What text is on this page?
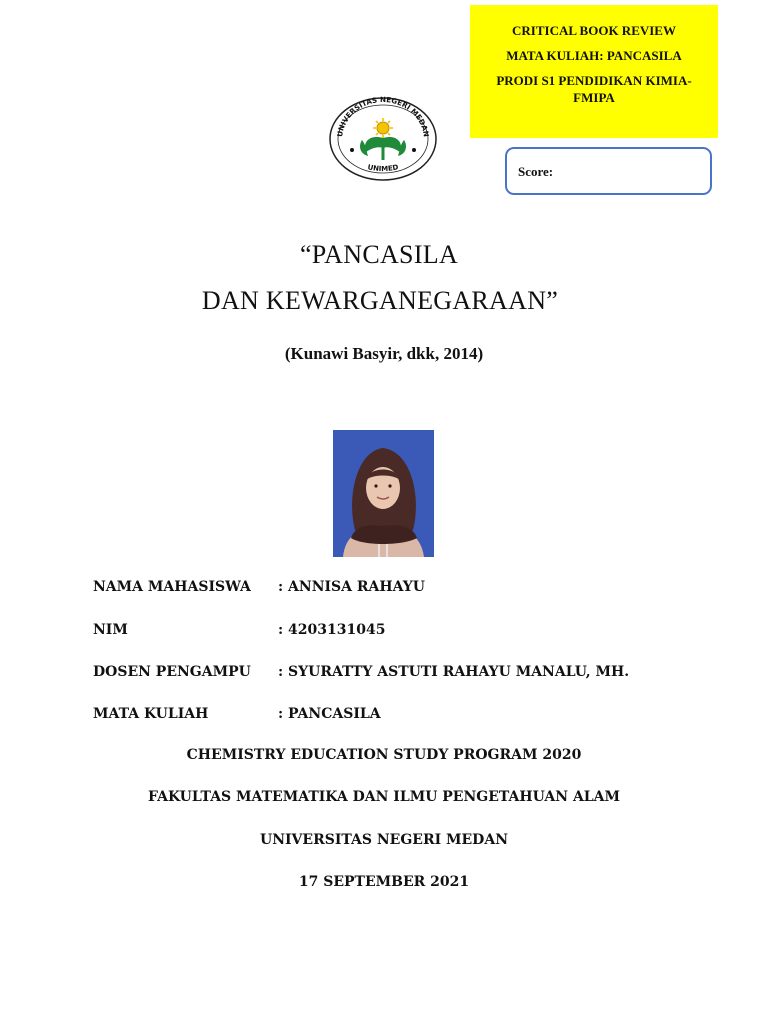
CRITICAL BOOK REVIEW
MATA KULIAH: PANCASILA
PRODI S1 PENDIDIKAN KIMIA-FMIPA
Score:
UNIVERSITAS NEGERI MEDAN
UNIMED
“PANCASILA
DAN KEWARGANEGARAAN”
(Kunawi Basyir, dkk, 2014)
NAMA MAHASISWA : ANNISA RAHAYU
NIM	: 4203131045
DOSEN PENGAMPU : SYURATTY ASTUTI RAHAYU MANALU, MH.
MATA KULIAH	: PANCASILA
CHEMISTRY EDUCATION STUDY PROGRAM 2020
FAKULTAS MATEMATIKA DAN ILMU PENGETAHUAN ALAM
UNIVERSITAS NEGERI MEDAN
17 SEPTEMBER 2021
